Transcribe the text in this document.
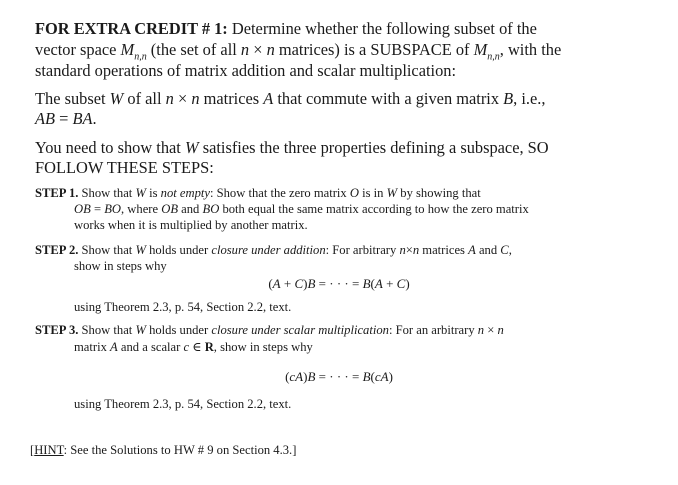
FOR EXTRA CREDIT # 1: Determine whether the following subset of the
vector space $M_{n,n}$ (the set of all n × n matrices) is a SUBSPACE of $M_{n,n}$, with the
standard operations of matrix addition and scalar multiplication:
The subset W of all n × n matrices A that commute with a given matrix B, i.e.,
AB = BA.
You need to show that W satisfies the three properties defining a subspace, SO
FOLLOW THESE STEPS:
STEP 1. Show that W is not empty: Show that the zero matrix O is in W by showing that
OB = BO, where OB and BO both equal the same matrix according to how the zero matrix
works when it is multiplied by another matrix.
STEP 2. Show that W holds under closure under addition: For arbitrary n×n matrices A and C,
show in steps why
(A + C)B = · · · = B(A + C)
using Theorem 2.3, p. 54, Section 2.2, text.
STEP 3. Show that W holds under closure under scalar multiplication: For an arbitrary n × n
matrix A and a scalar c ∈ R, show in steps why
(cA)B = · · · = B(cA)
using Theorem 2.3, p. 54, Section 2.2, text.
[HINT: See the Solutions to HW # 9 on Section 4.3.]
